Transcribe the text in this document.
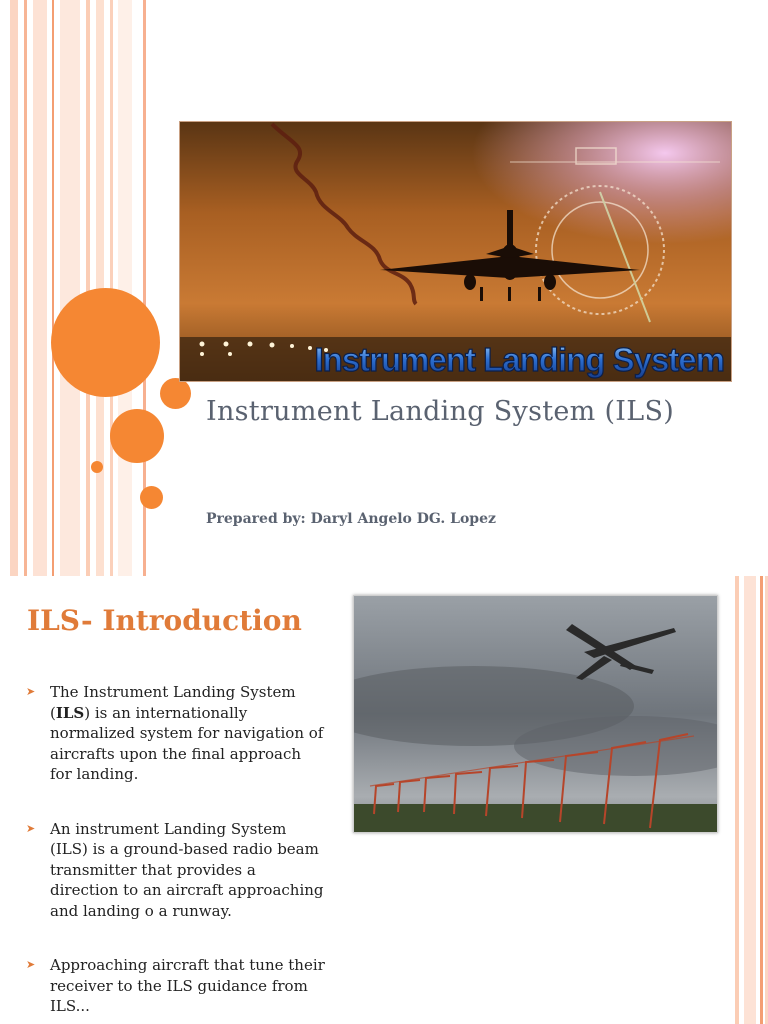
Instrument Landing System
Instrument Landing System (ILS)
Prepared by: Daryl Angelo DG. Lopez
ILS- Introduction
➤ The Instrument Landing System
(ILS) is an internationally normalized system for navigation of aircrafts upon the final approach for landing.
➤ An instrument Landing System (ILS) is a ground-based radio beam transmitter that provides a direction to an aircraft approaching and landing o a runway.
➤ Approaching aircraft that tune their receiver to the ILS guidance from ILS...
